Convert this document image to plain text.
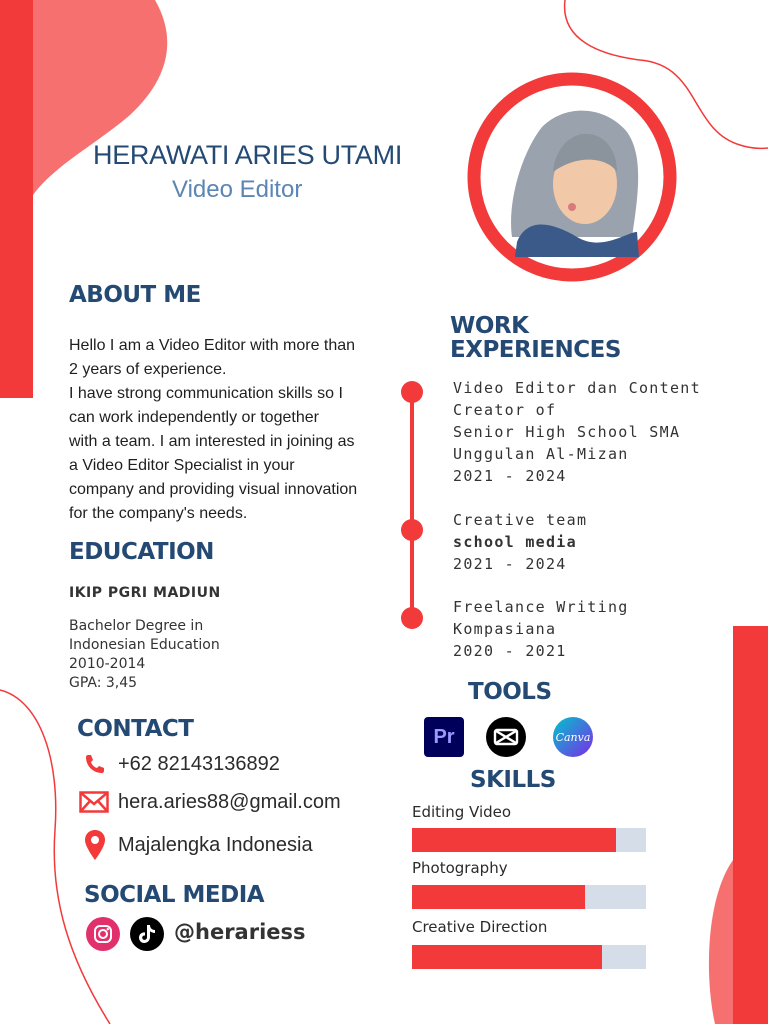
HERAWATI ARIES UTAMI
Video Editor
ABOUT ME
Hello I am a Video Editor with more than
2 years of experience.
I have strong communication skills so I
can work independently or together
with a team. I am interested in joining as
a Video Editor Specialist in your
company and providing visual innovation
for the company's needs.
EDUCATION
IKIP PGRI MADIUN
Bachelor Degree in
Indonesian Education
2010-2014
GPA: 3,45
CONTACT
+62 82143136892
hera.aries88@gmail.com
Majalengka Indonesia
SOCIAL MEDIA
@herariess
WORK
EXPERIENCES
Video Editor dan Content
Creator of
Senior High School SMA
Unggulan Al-Mizan
2021 - 2024
Creative team
school media
2021 - 2024
Freelance Writing
Kompasiana
2020 - 2021
TOOLS
Pr	Canva
SKILLS
Editing Video
Photography
Creative Direction
